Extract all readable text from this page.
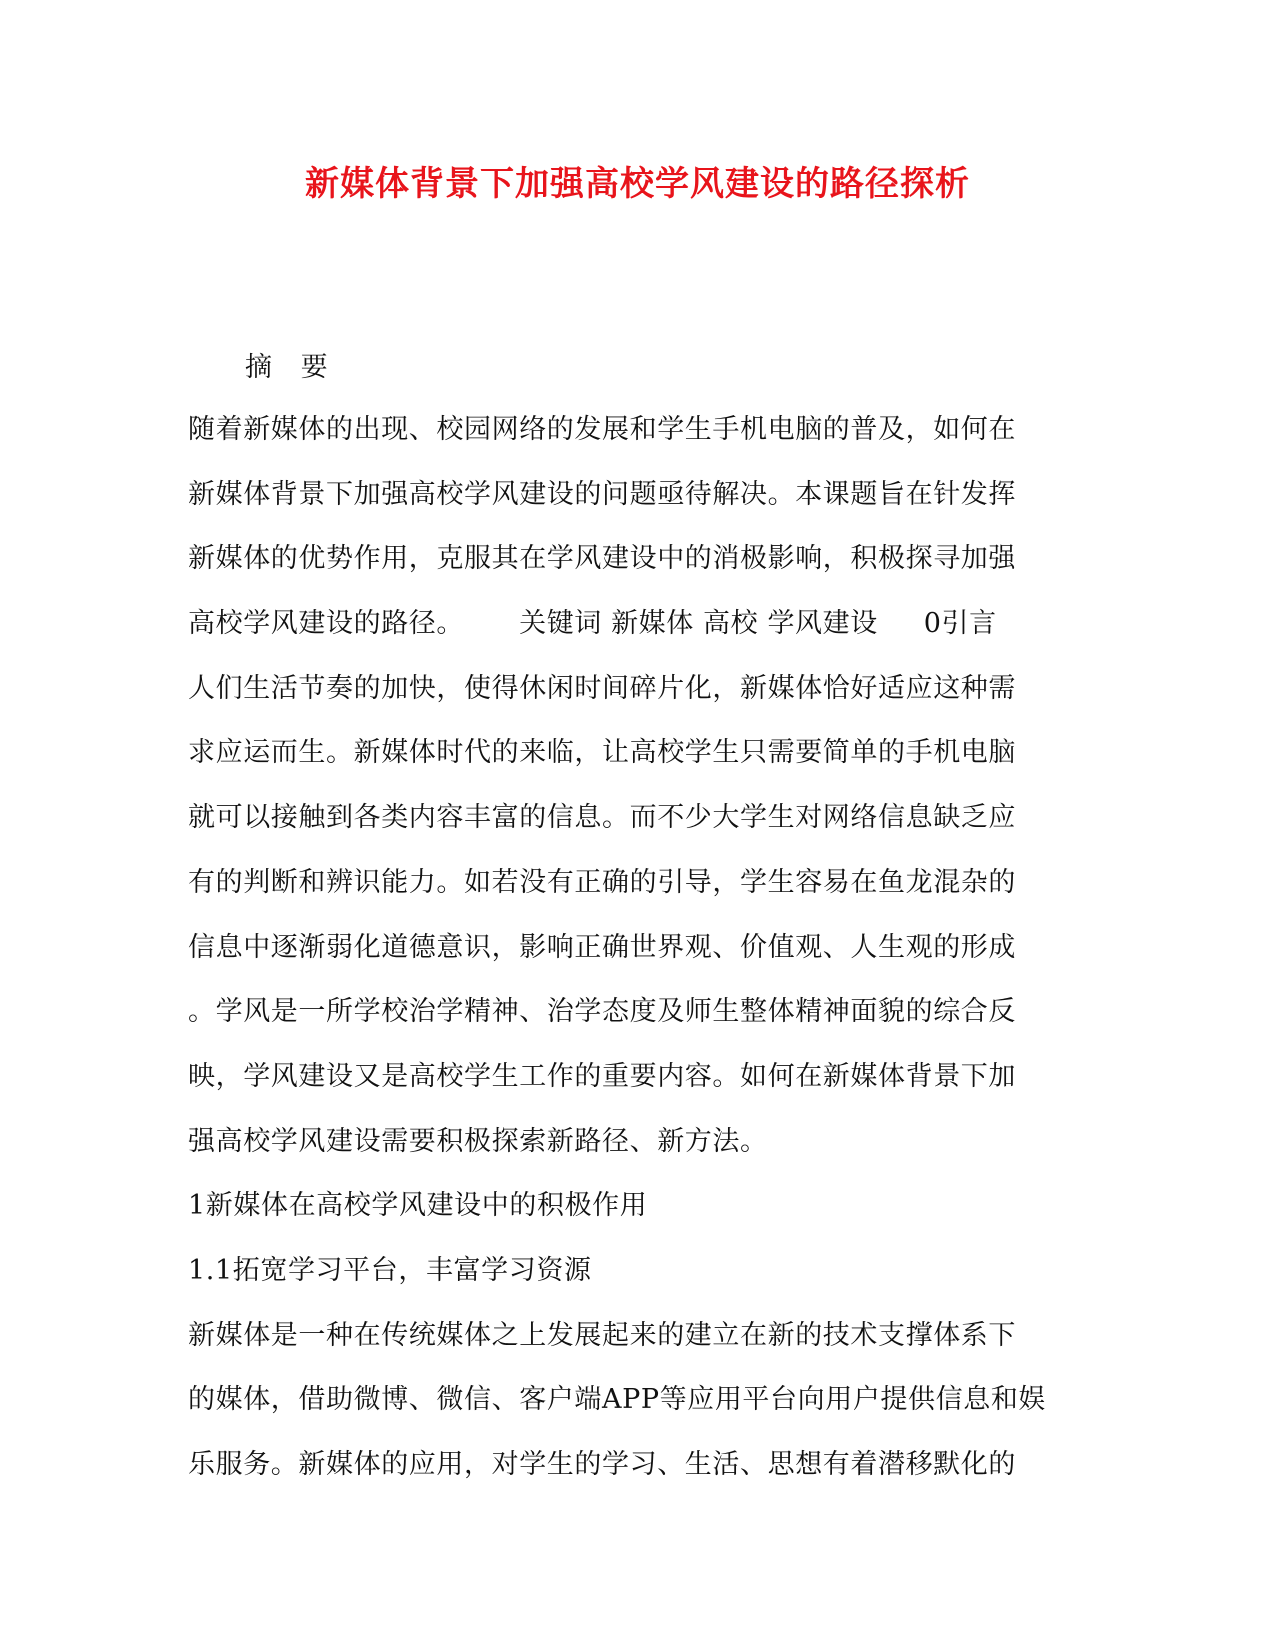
新媒体背景下加强高校学风建设的路径探析
摘 要
随着新媒体的出现、校园网络的发展和学生手机电脑的普及，如何在
新媒体背景下加强高校学风建设的问题亟待解决。本课题旨在针发挥
新媒体的优势作用，克服其在学风建设中的消极影响，积极探寻加强
高校学风建设的路径。      关键词 新媒体 高校 学风建设     0引言
人们生活节奏的加快，使得休闲时间碎片化，新媒体恰好适应这种需
求应运而生。新媒体时代的来临，让高校学生只需要简单的手机电脑
就可以接触到各类内容丰富的信息。而不少大学生对网络信息缺乏应
有的判断和辨识能力。如若没有正确的引导，学生容易在鱼龙混杂的
信息中逐渐弱化道德意识，影响正确世界观、价值观、人生观的形成
。学风是一所学校治学精神、治学态度及师生整体精神面貌的综合反
映，学风建设又是高校学生工作的重要内容。如何在新媒体背景下加
强高校学风建设需要积极探索新路径、新方法。
1新媒体在高校学风建设中的积极作用
1.1拓宽学习平台，丰富学习资源
新媒体是一种在传统媒体之上发展起来的建立在新的技术支撑体系下
的媒体，借助微博、微信、客户端APP等应用平台向用户提供信息和娱
乐服务。新媒体的应用，对学生的学习、生活、思想有着潜移默化的
